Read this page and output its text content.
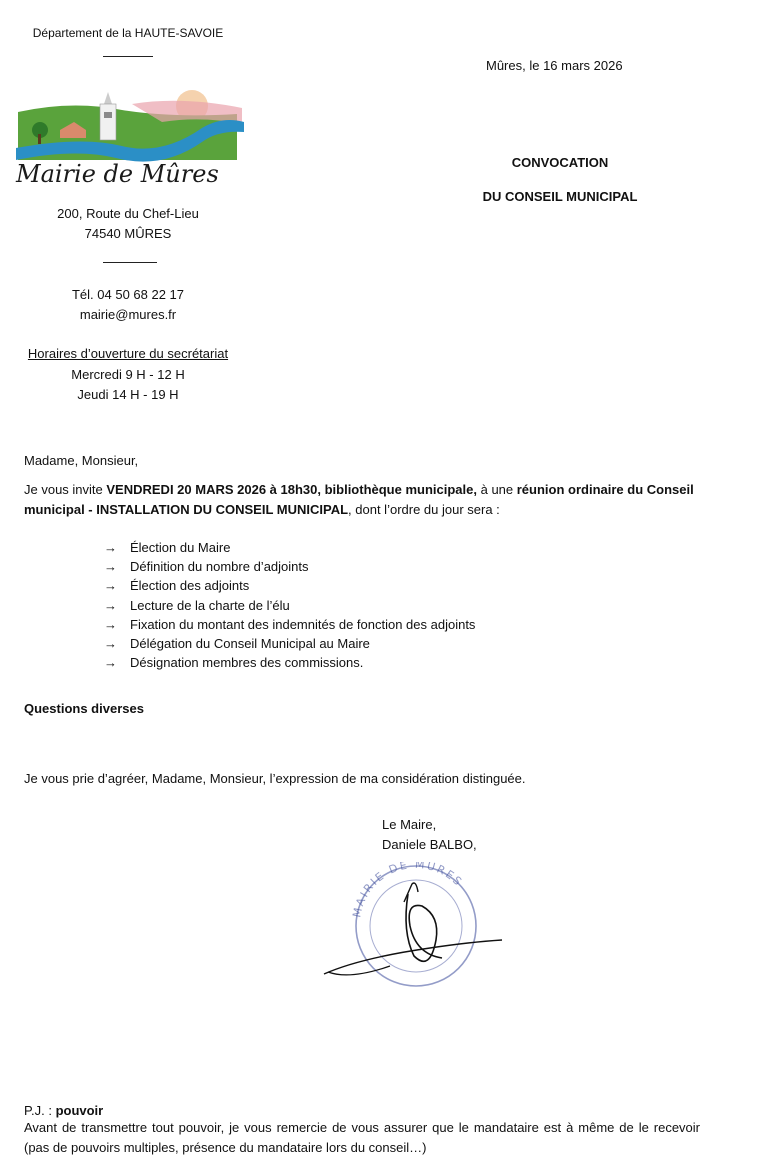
Département de la HAUTE-SAVOIE
Mairie de Mûres
200, Route du Chef-Lieu
74540 MÛRES
Tél. 04 50 68 22 17
mairie@mures.fr
Horaires d’ouverture du secrétariat
Mercredi 9 H - 12 H
Jeudi 14 H - 19 H
Mûres, le 16 mars 2026
CONVOCATION
DU CONSEIL MUNICIPAL
Madame, Monsieur,
Je vous invite VENDREDI 20 MARS 2026 à 18h30, bibliothèque municipale, à une réunion ordinaire du Conseil municipal - INSTALLATION DU CONSEIL MUNICIPAL, dont l’ordre du jour sera :
→	Élection du Maire
→	Définition du nombre d’adjoints
→	Élection des adjoints
→	Lecture de la charte de l’élu
→	Fixation du montant des indemnités de fonction des adjoints
→	Délégation du Conseil Municipal au Maire
→	Désignation membres des commissions.
Questions diverses
Je vous prie d’agréer, Madame, Monsieur, l’expression de ma considération distinguée.
Le Maire,
Daniele BALBO,
MAIRIE DE MÛRES
P.J. : pouvoir
Avant de transmettre tout pouvoir, je vous remercie de vous assurer que le mandataire est à même de le recevoir (pas de pouvoirs multiples, présence du mandataire lors du conseil…)
